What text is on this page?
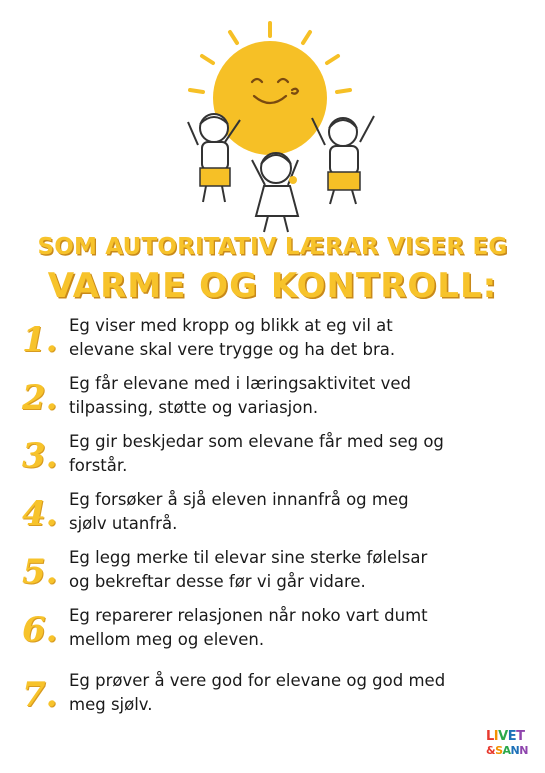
SOM AUTORITATIV LÆRAR VISER EG
VARME OG KONTROLL:
1. Eg viser med kropp og blikk at eg vil at
elevane skal vere trygge og ha det bra.
2. Eg får elevane med i læringsaktivitet ved
tilpassing, støtte og variasjon.
3. Eg gir beskjedar som elevane får med seg og
forstår.
4. Eg forsøker å sjå eleven innanfrå og meg
sjølv utanfrå.
5. Eg legg merke til elevar sine sterke følelsar
og bekreftar desse før vi går vidare.
6. Eg reparerer relasjonen når noko vart dumt
mellom meg og eleven.
7. Eg prøver å vere god for elevane og god med
meg sjølv.
LIVET
&SANN
